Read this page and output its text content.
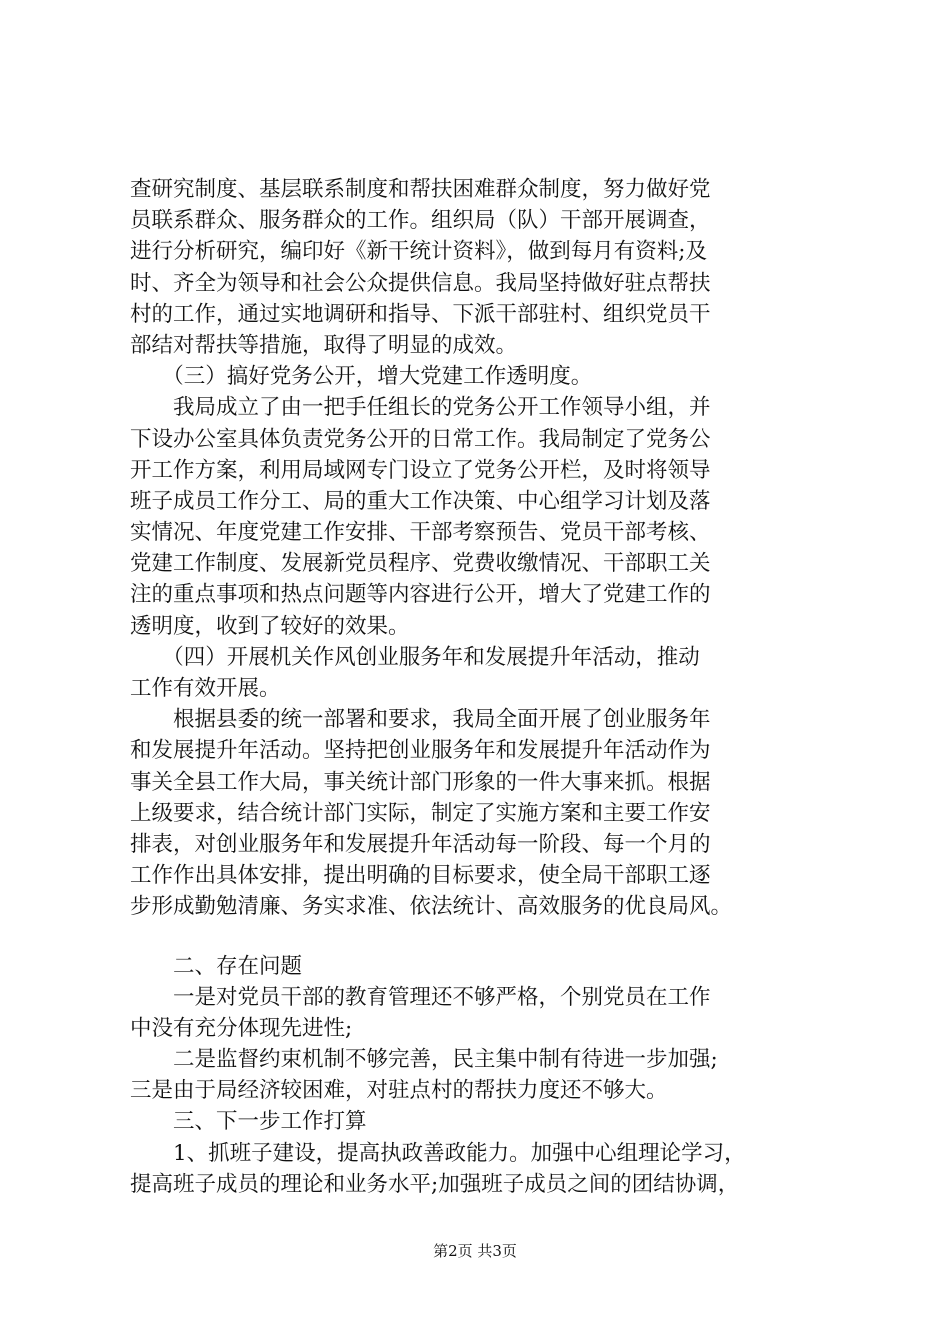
查研究制度、基层联系制度和帮扶困难群众制度，努力做好党
员联系群众、服务群众的工作。组织局（队）干部开展调查，
进行分析研究，编印好《新干统计资料》，做到每月有资料;及
时、齐全为领导和社会公众提供信息。我局坚持做好驻点帮扶
村的工作，通过实地调研和指导、下派干部驻村、组织党员干
部结对帮扶等措施，取得了明显的成效。
　　（三）搞好党务公开，增大党建工作透明度。
　　我局成立了由一把手任组长的党务公开工作领导小组，并
下设办公室具体负责党务公开的日常工作。我局制定了党务公
开工作方案，利用局域网专门设立了党务公开栏，及时将领导
班子成员工作分工、局的重大工作决策、中心组学习计划及落
实情况、年度党建工作安排、干部考察预告、党员干部考核、
党建工作制度、发展新党员程序、党费收缴情况、干部职工关
注的重点事项和热点问题等内容进行公开，增大了党建工作的
透明度，收到了较好的效果。
　　（四）开展机关作风创业服务年和发展提升年活动，推动
工作有效开展。
　　根据县委的统一部署和要求，我局全面开展了创业服务年
和发展提升年活动。坚持把创业服务年和发展提升年活动作为
事关全县工作大局，事关统计部门形象的一件大事来抓。根据
上级要求，结合统计部门实际，制定了实施方案和主要工作安
排表，对创业服务年和发展提升年活动每一阶段、每一个月的
工作作出具体安排，提出明确的目标要求，使全局干部职工逐
步形成勤勉清廉、务实求准、依法统计、高效服务的优良局风。
　　二、存在问题
　　一是对党员干部的教育管理还不够严格，个别党员在工作
中没有充分体现先进性;
　　二是监督约束机制不够完善，民主集中制有待进一步加强;
三是由于局经济较困难，对驻点村的帮扶力度还不够大。
　　三、下一步工作打算
　　1、抓班子建设，提高执政善政能力。加强中心组理论学习，
提高班子成员的理论和业务水平;加强班子成员之间的团结协调，
第2页 共3页
